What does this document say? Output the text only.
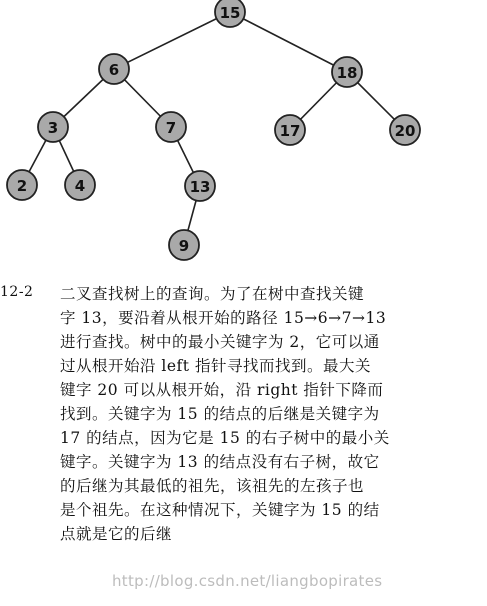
15
6	18
3	7	17	20
2	4	13
9
12-2 二叉查找树上的查询。为了在树中查找关键
字 13，要沿着从根开始的路径 15→6→7→13
进行查找。树中的最小关键字为 2，它可以通
过从根开始沿 left 指针寻找而找到。最大关
键字 20 可以从根开始，沿 right 指针下降而
找到。关键字为 15 的结点的后继是关键字为
17 的结点，因为它是 15 的右子树中的最小关
键字。关键字为 13 的结点没有右子树，故它
的后继为其最低的祖先，该祖先的左孩子也
是个祖先。在这种情况下，关键字为 15 的结
点就是它的后继
http://blog.csdn.net/liangbopirates
